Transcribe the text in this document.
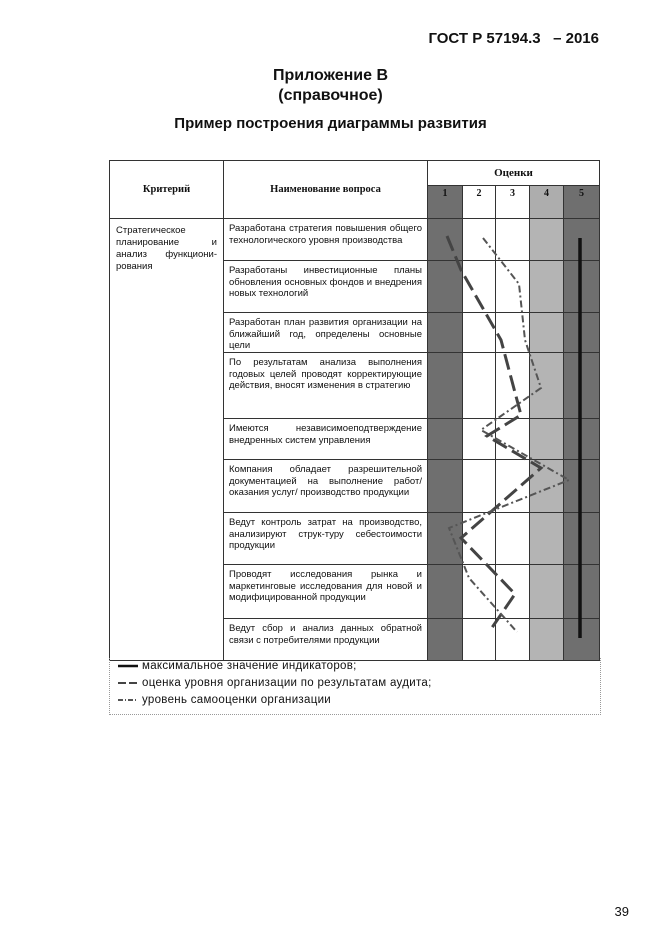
ГОСТ Р 57194.3   – 2016
Приложение В
(справочное)
Пример построения диаграммы развития
Критерий	Наименование вопроса	Оценки				
		1	2	3	4	5
Стратегическое планирование и анализ функциони-рования	Разработана стратегия повышения общего технологического уровня производства					
	Разработаны инвестиционные планы обновления основных фондов и внедрения новых технологий					
	Разработан план развития организации на ближайший год, определены основные цели					
	По результатам анализа выполнения годовых целей проводят корректирующие действия, вносят изменения в стратегию					
	Имеются независимоеподтверждение внедренных систем управления					
	Компания обладает разрешительной документацией на выполнение работ/оказания услуг/ производство продукции					
	Ведут контроль затрат на производство, анализируют струк-туру себестоимости продукции					
	Проводят исследования рынка и маркетинговые исследования для новой и модифицированной продукции					
	Ведут сбор и анализ данных обратной связи с потребителями продукции					
максимальное значение индикаторов;
оценка уровня организации по результатам аудита;
уровень самооценки организации
39
